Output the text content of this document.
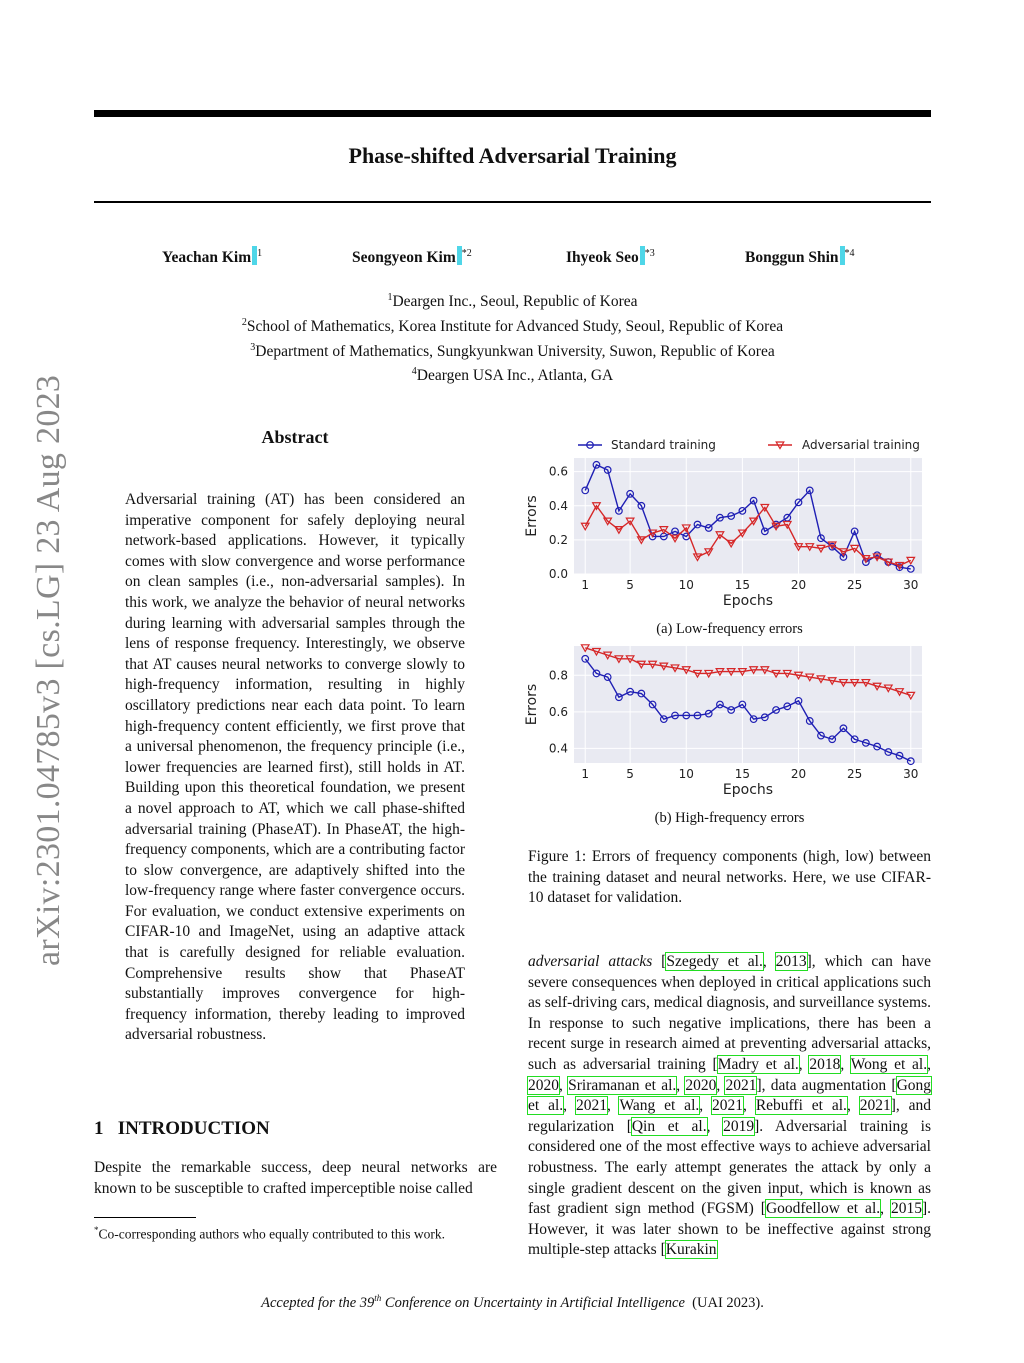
Phase-shifted Adversarial Training
Yeachan Kim $^1$	Seongyeon Kim $^{*2}$	Ihyeok Seo $^{*3}$	Bonggun Shin $^{*4}$
$^1$Deargen Inc., Seoul, Republic of Korea
$^2$School of Mathematics, Korea Institute for Advanced Study, Seoul, Republic of Korea
$^3$Department of Mathematics, Sungkyunkwan University, Suwon, Republic of Korea
$^4$Deargen USA Inc., Atlanta, GA
arXiv:2301.04785v3 [cs.LG] 23 Aug 2023	Abstract
Adversarial training (AT) has been considered an imperative component for safely deploying neural network-based applications. However, it typically comes with slow convergence and worse performance on clean samples (i.e., non-adversarial samples). In this work, we analyze the behavior of neural networks during learning with adversarial samples through the lens of response frequency. Interestingly, we observe that AT causes neural networks to converge slowly to high-frequency information, resulting in highly oscillatory predictions near each data point. To learn high-frequency content efficiently, we first prove that a universal phenomenon, the frequency principle (i.e., lower frequencies are learned first), still holds in AT. Building upon this theoretical foundation, we present a novel approach to AT, which we call phase-shifted adversarial training (PhaseAT). In PhaseAT, the high-frequency components, which are a contributing factor to slow convergence, are adaptively shifted into the low-frequency range where faster convergence occurs. For evaluation, we conduct extensive experiments on CIFAR-10 and ImageNet, using an adaptive attack that is carefully designed for reliable evaluation. Comprehensive results show that PhaseAT substantially improves convergence for high-frequency information, thereby leading to improved adversarial robustness.
1   INTRODUCTION
Despite the remarkable success, deep neural networks are known to be susceptible to crafted imperceptible noise called
*Co-corresponding authors who equally contributed to this work.
0.0
0.2
0.4
0.6
1	5	10	15	20	25	30
Epochs
Errors
Standard training	Adversarial training
(a) Low-frequency errors
0.4
0.6
0.8
1	5	10	15	20	25	30
Epochs
Errors
(b) High-frequency errors
Figure 1: Errors of frequency components (high, low) between the training dataset and neural networks. Here, we use CIFAR-10 dataset for validation.
adversarial attacks [Szegedy et al., 2013], which can have severe consequences when deployed in critical applications such as self-driving cars, medical diagnosis, and surveillance systems. In response to such negative implications, there has been a recent surge in research aimed at preventing adversarial attacks, such as adversarial training [Madry et al., 2018, Wong et al., 2020, Sriramanan et al., 2020, 2021], data augmentation [Gong et al., 2021, Wang et al., 2021, Rebuffi et al., 2021], and regularization [Qin et al., 2019]. Adversarial training is considered one of the most effective ways to achieve adversarial robustness. The early attempt generates the attack by only a single gradient descent on the given input, which is known as fast gradient sign method (FGSM) [Goodfellow et al., 2015]. However, it was later shown to be ineffective against strong multiple-step attacks [Kurakin
Accepted for the 39th Conference on Uncertainty in Artificial Intelligence (UAI 2023).
